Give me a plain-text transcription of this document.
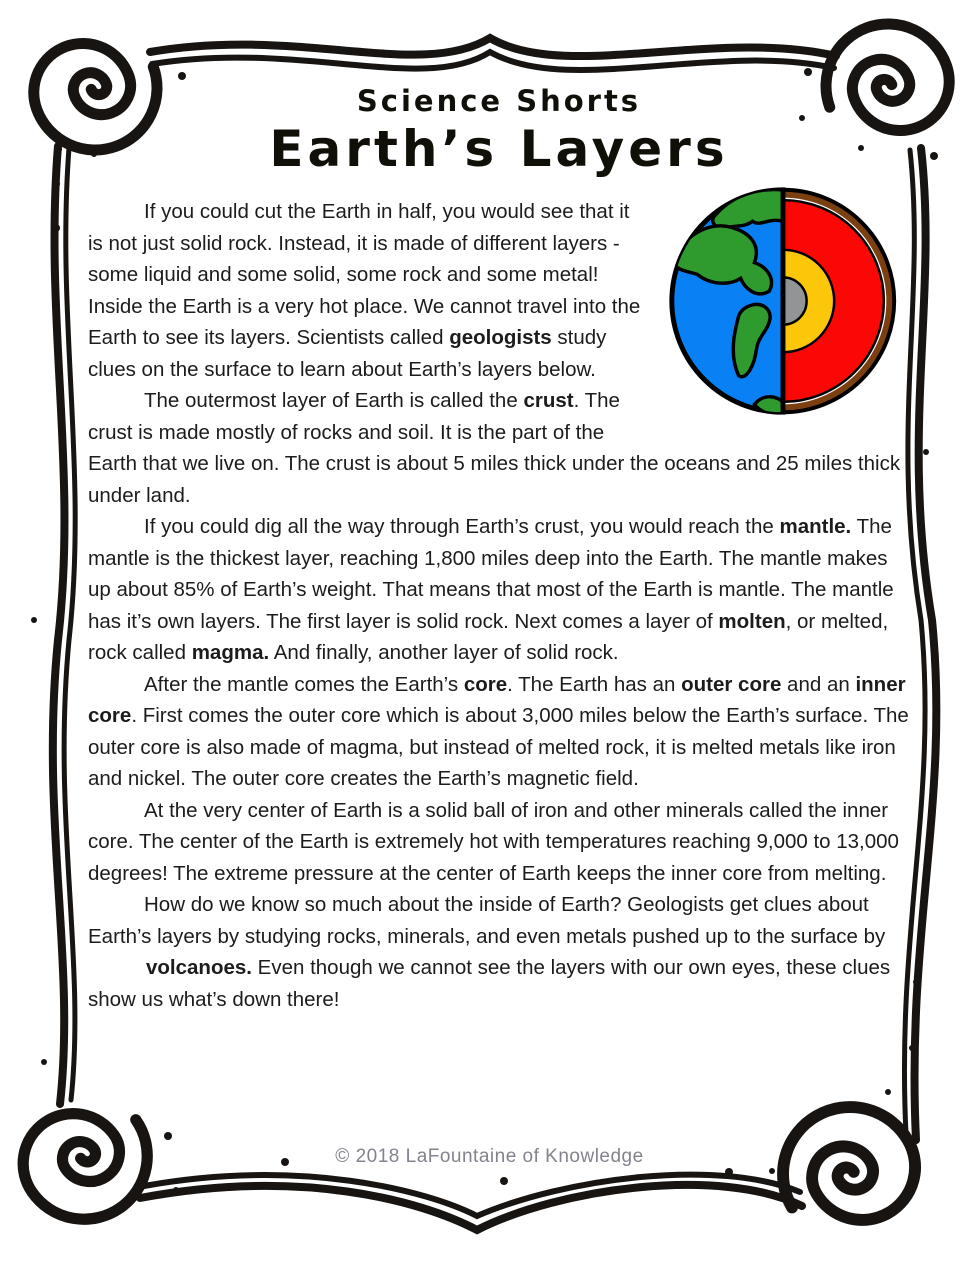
Science Shorts
Earth’s Layers

If you could cut the Earth in half, you would see that it is not just solid rock. Instead, it is made of different layers - some liquid and some solid, some rock and some metal! Inside the Earth is a very hot place. We cannot travel into the Earth to see its layers. Scientists called geologists study clues on the surface to learn about Earth’s layers below.

The outermost layer of Earth is called the crust. The crust is made mostly of rocks and soil. It is the part of the Earth that we live on. The crust is about 5 miles thick under the oceans and 25 miles thick under land.

If you could dig all the way through Earth’s crust, you would reach the mantle. The mantle is the thickest layer, reaching 1,800 miles deep into the Earth. The mantle makes up about 85% of Earth’s weight. That means that most of the Earth is mantle. The mantle has it’s own layers. The first layer is solid rock. Next comes a layer of molten, or melted, rock called magma. And finally, another layer of solid rock.

After the mantle comes the Earth’s core. The Earth has an outer core and an inner core. First comes the outer core which is about 3,000 miles below the Earth’s surface. The outer core is also made of magma, but instead of melted rock, it is melted metals like iron and nickel. The outer core creates the Earth’s magnetic field.

At the very center of Earth is a solid ball of iron and other minerals called the inner core. The center of the Earth is extremely hot with temperatures reaching 9,000 to 13,000 degrees! The extreme pressure at the center of Earth keeps the inner core from melting.

How do we know so much about the inside of Earth? Geologists get clues about Earth’s layers by studying rocks, minerals, and even metals pushed up to the surface by volcanoes. Even though we cannot see the layers with our own
eyes, these clues show us what’s down there!

© 2018 LaFountaine of Knowledge
